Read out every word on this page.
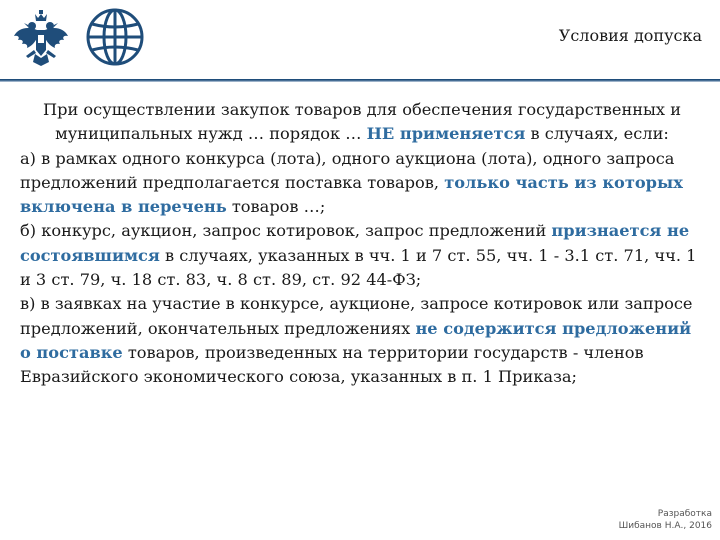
Условия допуска

При осуществлении закупок товаров для обеспечения государственных и муниципальных нужд … порядок … НЕ применяется в случаях, если:

а) в рамках одного конкурса (лота), одного аукциона (лота), одного запроса предложений предполагается поставка товаров, только часть из которых включена в перечень товаров …;

б) конкурс, аукцион, запрос котировок, запрос предложений признается не состоявшимся в случаях, указанных в чч. 1 и 7 ст. 55, чч. 1 - 3.1 ст. 71, чч. 1 и 3 ст. 79, ч. 18 ст. 83, ч. 8 ст. 89, ст. 92 44-ФЗ;

в) в заявках на участие в конкурсе, аукционе, запросе котировок или запросе предложений, окончательных предложениях не содержится предложений о поставке товаров, произведенных на территории государств - членов Евразийского экономического союза, указанных в п. 1 Приказа;

Разработка
Шибанов Н.А., 2016
